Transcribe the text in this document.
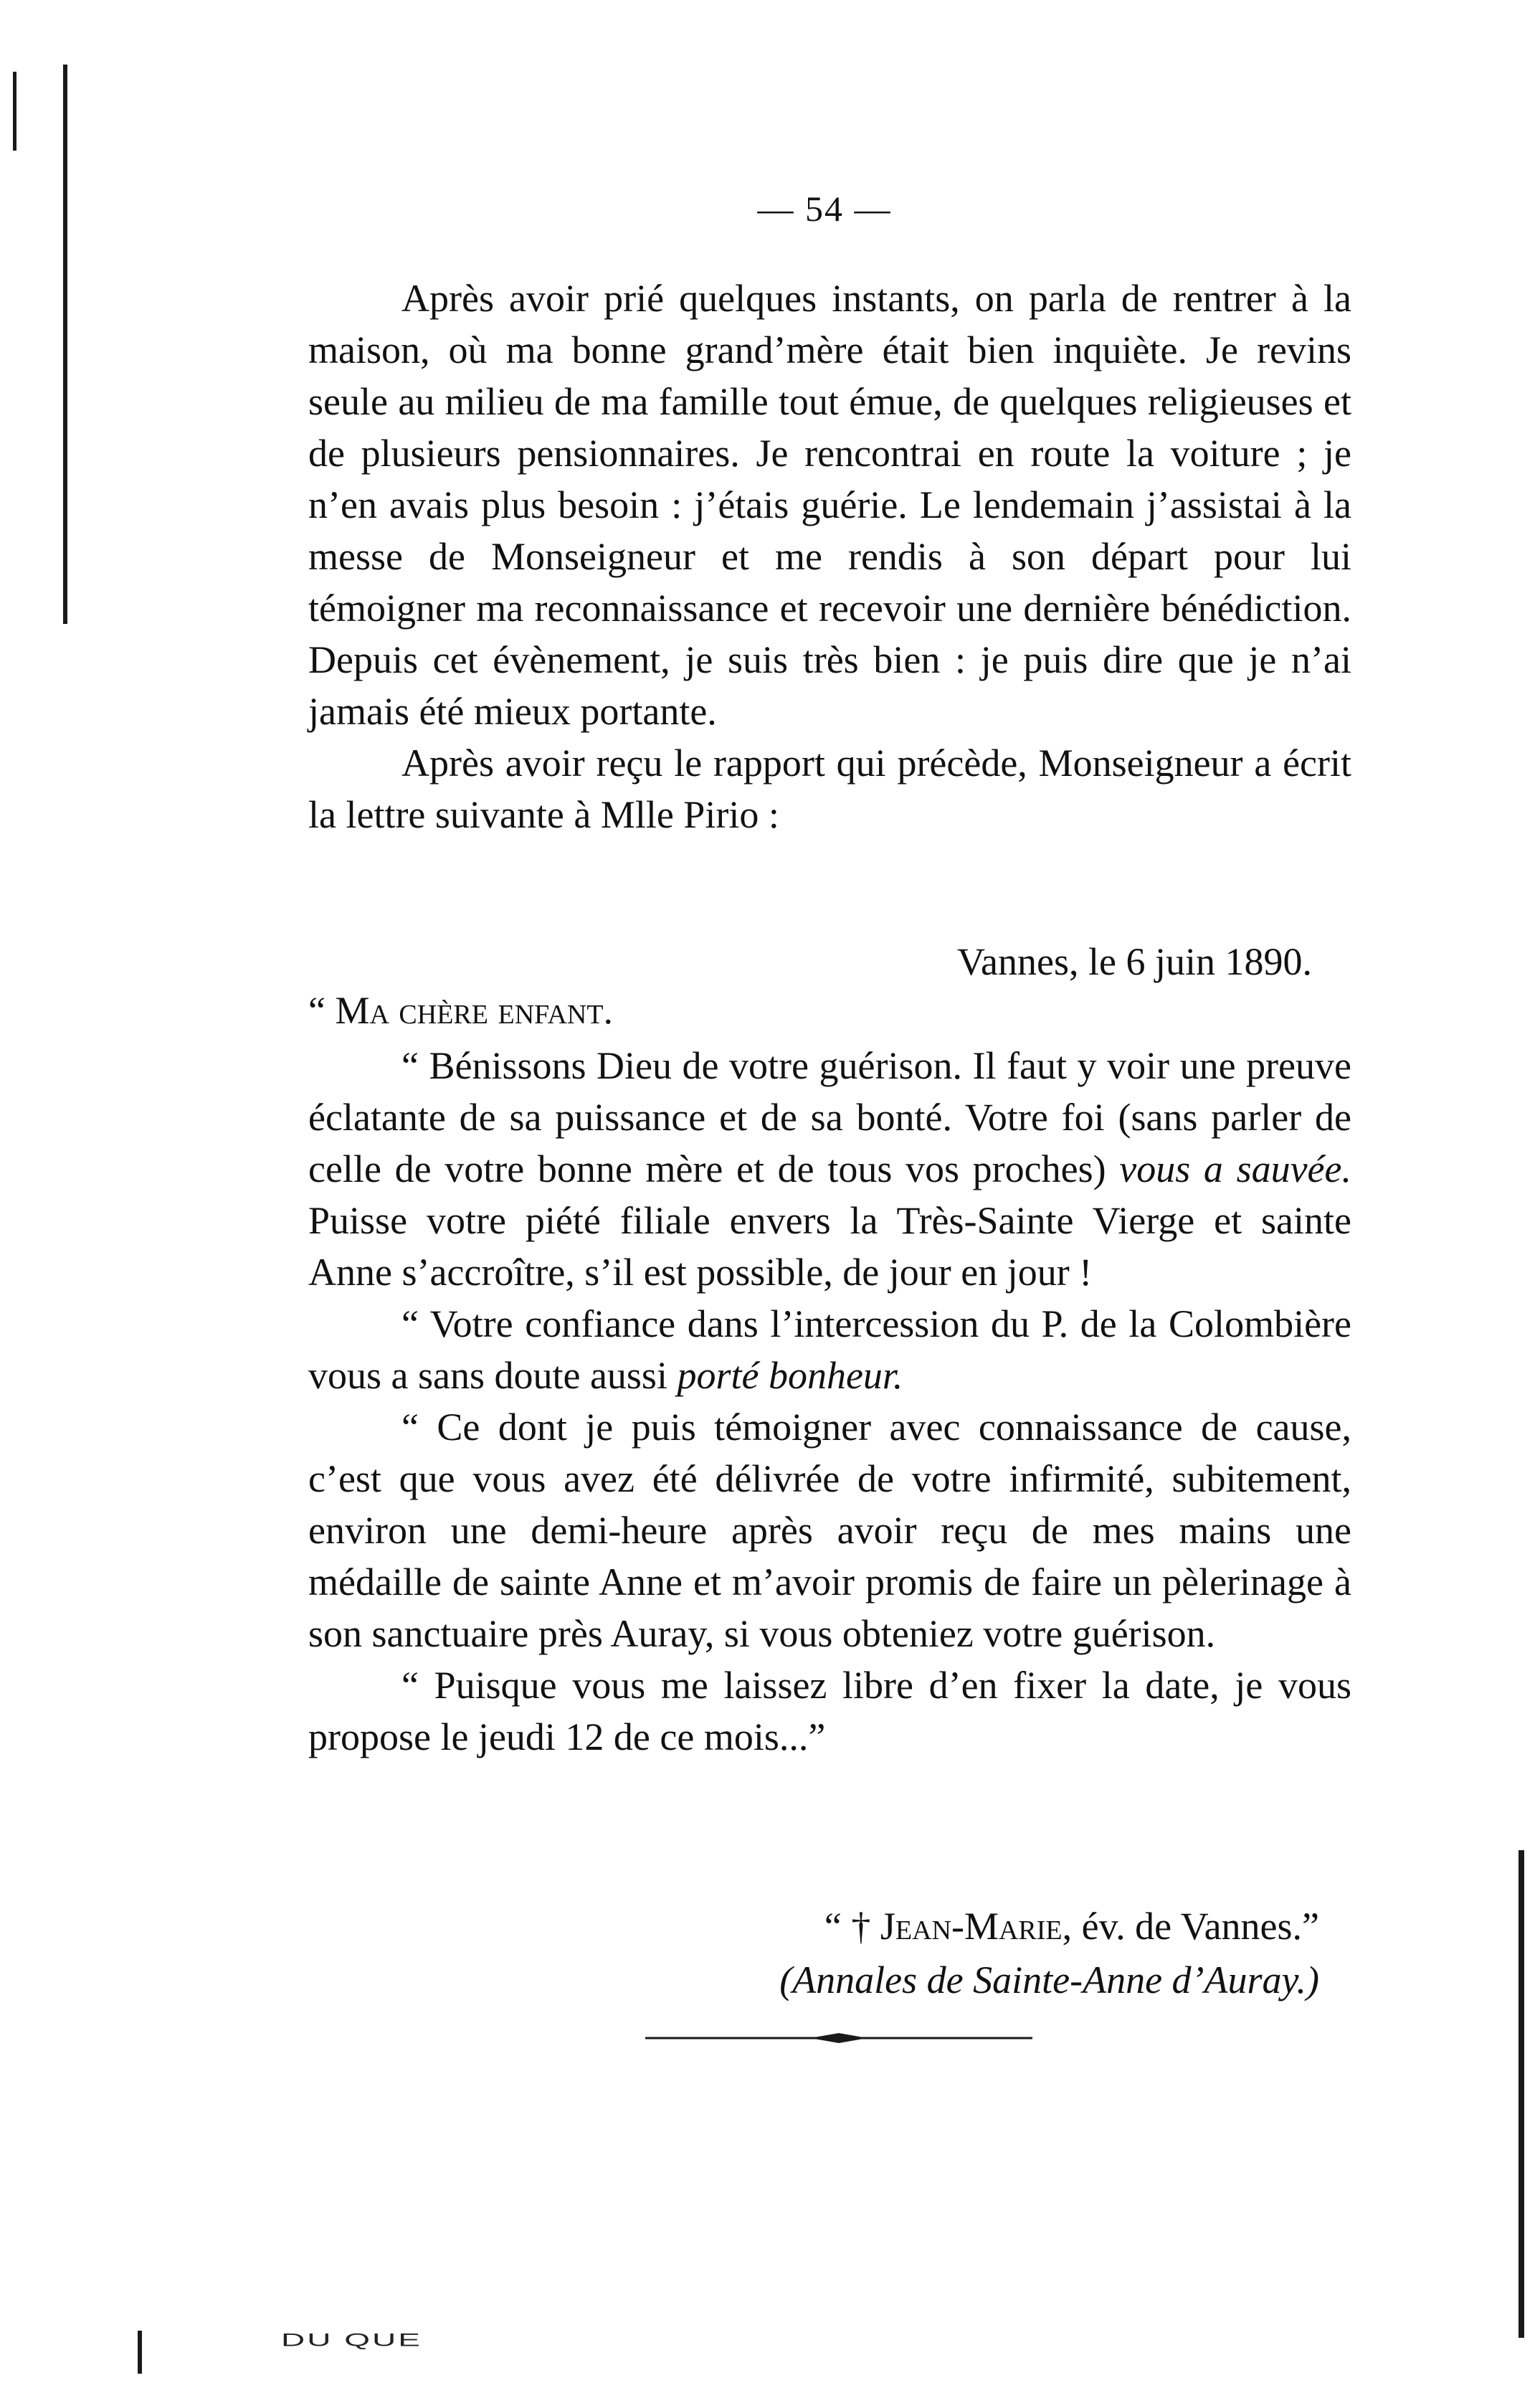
— 54 —

Après avoir prié quelques instants, on parla de rentrer à la maison, où ma bonne grand’mère était bien inquiète. Je revins seule au milieu de ma famille tout émue, de quelques religieuses et de plusieurs pensionnaires. Je rencontrai en route la voiture ; je n’en avais plus besoin : j’étais guérie. Le lendemain j’assistai à la messe de Monseigneur et me rendis à son départ pour lui témoigner ma reconnaissance et recevoir une dernière bénédiction. Depuis cet évènement, je suis très bien : je puis dire que je n’ai jamais été mieux portante.

Après avoir reçu le rapport qui précède, Monseigneur a écrit la lettre suivante à Mlle Pirio :

Vannes, le 6 juin 1890.
“ Ma chère enfant.

“ Bénissons Dieu de votre guérison. Il faut y voir une preuve éclatante de sa puissance et de sa bonté. Votre foi (sans parler de celle de votre bonne mère et de tous vos proches) vous a sauvée. Puisse votre piété filiale envers la Très-Sainte Vierge et sainte Anne s’accroître, s’il est possible, de jour en jour !

“ Votre confiance dans l’intercession du P. de la Colombière vous a sans doute aussi porté bonheur.

“ Ce dont je puis témoigner avec connaissance de cause, c’est que vous avez été délivrée de votre infirmité, subitement, environ une demi-heure après avoir reçu de mes mains une médaille de sainte Anne et m’avoir promis de faire un pèlerinage à son sanctuaire près Auray, si vous obteniez votre guérison.

“ Puisque vous me laissez libre d’en fixer la date, je vous propose le jeudi 12 de ce mois...”

“ † Jean-Marie, év. de Vannes.”
(Annales de Sainte-Anne d’Auray.)
DU QUE
